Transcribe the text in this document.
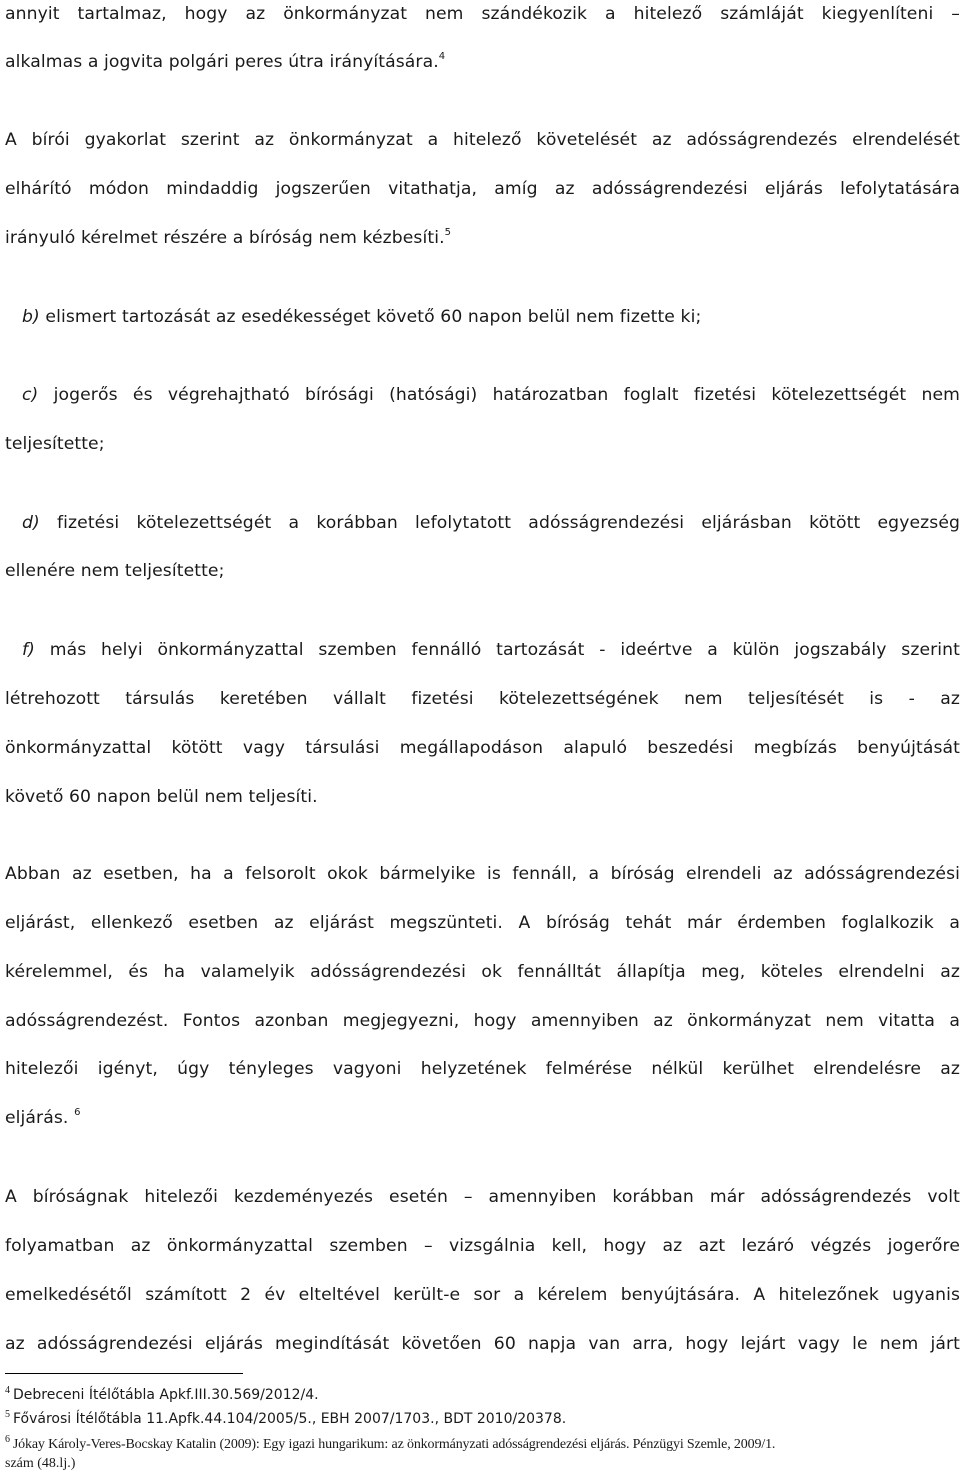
annyit tartalmaz, hogy az önkormányzat nem szándékozik a hitelező számláját kiegyenlíteni –
alkalmas a jogvita polgári peres útra irányítására.$^4$
A bírói gyakorlat szerint az önkormányzat a hitelező követelését az adósságrendezés elrendelését
elhárító módon mindaddig jogszerűen vitathatja, amíg az adósságrendezési eljárás lefolytatására
irányuló kérelmet részére a bíróság nem kézbesíti.$^5$
b) elismert tartozását az esedékességet követő 60 napon belül nem fizette ki;
c) jogerős és végrehajtható bírósági (hatósági) határozatban foglalt fizetési kötelezettségét nem
teljesítette;
d) fizetési kötelezettségét a korábban lefolytatott adósságrendezési eljárásban kötött egyezség
ellenére nem teljesítette;
f) más helyi önkormányzattal szemben fennálló tartozását - ideértve a külön jogszabály szerint
létrehozott társulás keretében vállalt fizetési kötelezettségének nem teljesítését is - az
önkormányzattal kötött vagy társulási megállapodáson alapuló beszedési megbízás benyújtását
követő 60 napon belül nem teljesíti.
Abban az esetben, ha a felsorolt okok bármelyike is fennáll, a bíróság elrendeli az adósságrendezési
eljárást, ellenkező esetben az eljárást megszünteti. A bíróság tehát már érdemben foglalkozik a
kérelemmel, és ha valamelyik adósságrendezési ok fennálltát állapítja meg, köteles elrendelni az
adósságrendezést. Fontos azonban megjegyezni, hogy amennyiben az önkormányzat nem vitatta a
hitelezői igényt, úgy tényleges vagyoni helyzetének felmérése nélkül kerülhet elrendelésre az
eljárás. $^6$
A bíróságnak hitelezői kezdeményezés esetén – amennyiben korábban már adósságrendezés volt
folyamatban az önkormányzattal szemben – vizsgálnia kell, hogy az azt lezáró végzés jogerőre
emelkedésétől számított 2 év elteltével került-e sor a kérelem benyújtására. A hitelezőnek ugyanis
az adósságrendezési eljárás megindítását követően 60 napja van arra, hogy lejárt vagy le nem járt
$^4$ Debreceni Ítélőtábla Apkf.III.30.569/2012/4.
$^5$ Fővárosi Ítélőtábla 11.Apfk.44.104/2005/5., EBH 2007/1703., BDT 2010/20378.
$^6$ Jókay Károly-Veres-Bocskay Katalin (2009): Egy igazi hungarikum: az önkormányzati adósságrendezési eljárás. Pénzügyi Szemle, 2009/1.
szám (48.lj.)
